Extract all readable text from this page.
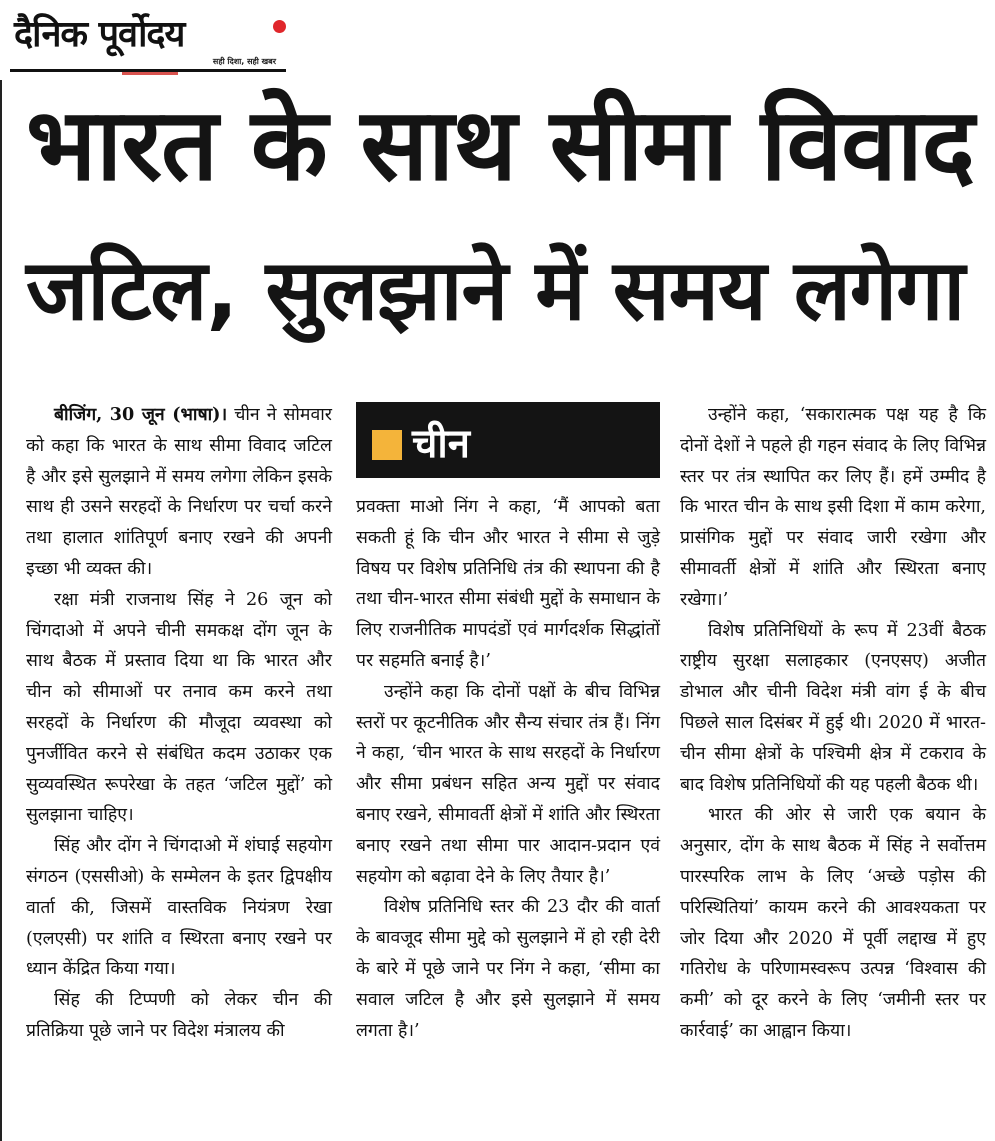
दैनिक पूर्वोदय
सही दिशा, सही खबर
भारत के साथ सीमा विवाद
जटिल, सुलझाने में समय लगेगा

बीजिंग, 30 जून (भाषा)। चीन ने सोमवार को कहा कि भारत के साथ सीमा विवाद जटिल है और इसे सुलझाने में समय लगेगा लेकिन इसके साथ ही उसने सरहदों के निर्धारण पर चर्चा करने तथा हालात शांतिपूर्ण बनाए रखने की अपनी इच्छा भी व्यक्त की।

रक्षा मंत्री राजनाथ सिंह ने 26 जून को चिंगदाओ में अपने चीनी समकक्ष दोंग जून के साथ बैठक में प्रस्ताव दिया था कि भारत और चीन को सीमाओं पर तनाव कम करने तथा सरहदों के निर्धारण की मौजूदा व्यवस्था को पुनर्जीवित करने से संबंधित कदम उठाकर एक सुव्यवस्थित रूपरेखा के तहत ‘जटिल मुद्दों’ को सुलझाना चाहिए।

सिंह और दोंग ने चिंगदाओ में शंघाई सहयोग संगठन (एससीओ) के सम्मेलन के इतर द्विपक्षीय वार्ता की, जिसमें वास्तविक नियंत्रण रेखा (एलएसी) पर शांति व स्थिरता बनाए रखने पर ध्यान केंद्रित किया गया।

सिंह की टिप्पणी को लेकर चीन की प्रतिक्रिया पूछे जाने पर विदेश मंत्रालय की

चीन

प्रवक्ता माओ निंग ने कहा, ‘मैं आपको बता सकती हूं कि चीन और भारत ने सीमा से जुड़े विषय पर विशेष प्रतिनिधि तंत्र की स्थापना की है तथा चीन-भारत सीमा संबंधी मुद्दों के समाधान के लिए राजनीतिक मापदंडों एवं मार्गदर्शक सिद्धांतों पर सहमति बनाई है।’

उन्होंने कहा कि दोनों पक्षों के बीच विभिन्न स्तरों पर कूटनीतिक और सैन्य संचार तंत्र हैं। निंग ने कहा, ‘चीन भारत के साथ सरहदों के निर्धारण और सीमा प्रबंधन सहित अन्य मुद्दों पर संवाद बनाए रखने, सीमावर्ती क्षेत्रों में शांति और स्थिरता बनाए रखने तथा सीमा पार आदान-प्रदान एवं सहयोग को बढ़ावा देने के लिए तैयार है।’

विशेष प्रतिनिधि स्तर की 23 दौर की वार्ता के बावजूद सीमा मुद्दे को सुलझाने में हो रही देरी के बारे में पूछे जाने पर निंग ने कहा, ‘सीमा का सवाल जटिल है और इसे सुलझाने में समय लगता है।’

उन्होंने कहा, ‘सकारात्मक पक्ष यह है कि दोनों देशों ने पहले ही गहन संवाद के लिए विभिन्न स्तर पर तंत्र स्थापित कर लिए हैं। हमें उम्मीद है कि भारत चीन के साथ इसी दिशा में काम करेगा, प्रासंगिक मुद्दों पर संवाद जारी रखेगा और सीमावर्ती क्षेत्रों में शांति और स्थिरता बनाए रखेगा।’

विशेष प्रतिनिधियों के रूप में 23वीं बैठक राष्ट्रीय सुरक्षा सलाहकार (एनएसए) अजीत डोभाल और चीनी विदेश मंत्री वांग ई के बीच पिछले साल दिसंबर में हुई थी। 2020 में भारत-चीन सीमा क्षेत्रों के पश्चिमी क्षेत्र में टकराव के बाद विशेष प्रतिनिधियों की यह पहली बैठक थी।

भारत की ओर से जारी एक बयान के अनुसार, दोंग के साथ बैठक में सिंह ने सर्वोत्तम पारस्परिक लाभ के लिए ‘अच्छे पड़ोस की परिस्थितियां’ कायम करने की आवश्यकता पर जोर दिया और 2020 में पूर्वी लद्दाख में हुए गतिरोध के परिणामस्वरूप उत्पन्न ‘विश्वास की कमी’ को दूर करने के लिए ‘जमीनी स्तर पर कार्रवाई’ का आह्वान किया।
